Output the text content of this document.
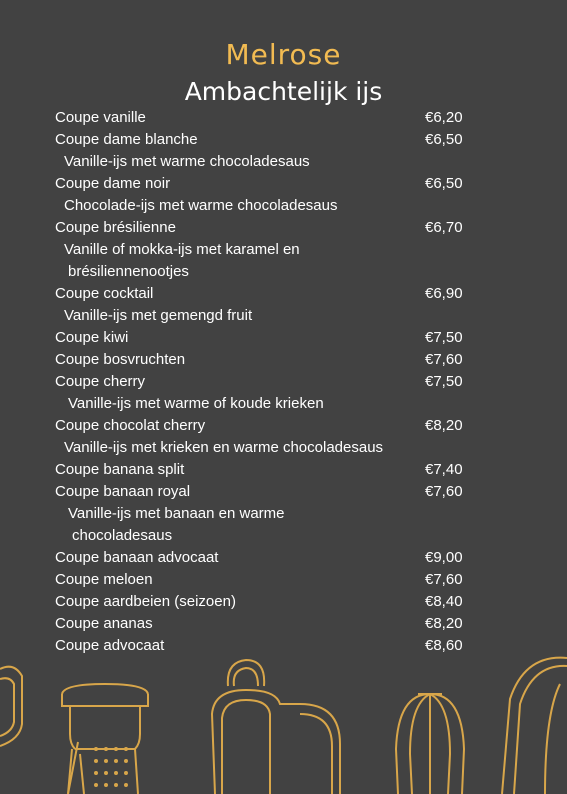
Melrose
Ambachtelijk ijs
Coupe vanille	€6,20
Coupe dame blanche	€6,50
Vanille-ijs met warme chocoladesaus
Coupe dame noir	€6,50
Chocolade-ijs met warme chocoladesaus
Coupe brésilienne	€6,70
Vanille of mokka-ijs met karamel en
brésiliennenootjes
Coupe cocktail	€6,90
Vanille-ijs met gemengd fruit
Coupe kiwi	€7,50
Coupe bosvruchten	€7,60
Coupe cherry	€7,50
Vanille-ijs met warme of koude krieken
Coupe chocolat cherry	€8,20
Vanille-ijs met krieken en warme chocoladesaus
Coupe banana split	€7,40
Coupe banaan royal	€7,60
Vanille-ijs met banaan en warme
chocoladesaus
Coupe banaan advocaat	€9,00
Coupe meloen	€7,60
Coupe aardbeien (seizoen)	€8,40
Coupe ananas	€8,20
Coupe advocaat	€8,60
